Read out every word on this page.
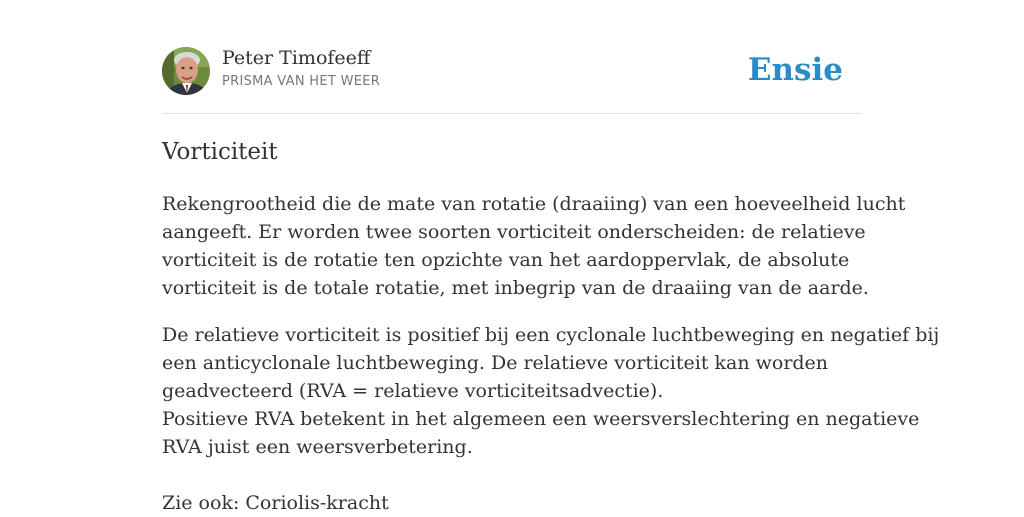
Peter Timofeeff
PRISMA VAN HET WEER	Ensie
Vorticiteit

Rekengrootheid die de mate van rotatie (draaiing) van een hoeveelheid lucht
aangeeft. Er worden twee soorten vorticiteit onderscheiden: de relatieve
vorticiteit is de rotatie ten opzichte van het aardoppervlak, de absolute
vorticiteit is de totale rotatie, met inbegrip van de draaiing van de aarde.

De relatieve vorticiteit is positief bij een cyclonale luchtbeweging en negatief bij
een anticyclonale luchtbeweging. De relatieve vorticiteit kan worden
geadvecteerd (RVA = relatieve vorticiteitsadvectie).
Positieve RVA betekent in het algemeen een weersverslechtering en negatieve
RVA juist een weersverbetering.

Zie ook: Coriolis-kracht
